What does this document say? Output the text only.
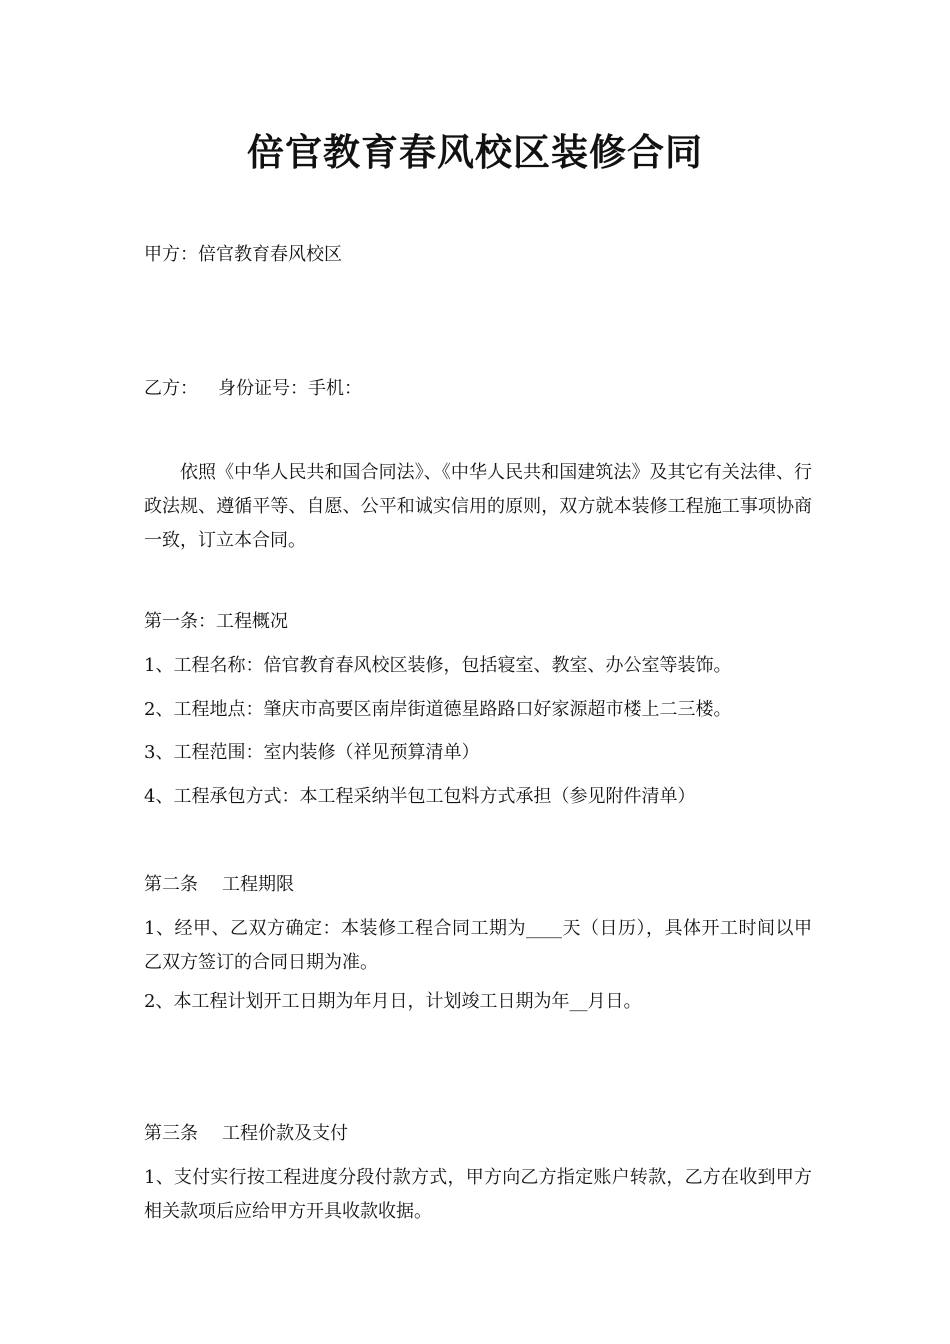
倍官教育春风校区装修合同
甲方：倍官教育春风校区
乙方： 身份证号：手机：
依照《中华人民共和国合同法》、《中华人民共和国建筑法》及其它有关法律、行政法规、遵循平等、自愿、公平和诚实信用的原则，双方就本装修工程施工事项协商一致，订立本合同。
第一条：工程概况
1、工程名称：倍官教育春风校区装修，包括寝室、教室、办公室等装饰。
2、工程地点：肇庆市高要区南岸街道德星路路口好家源超市楼上二三楼。
3、工程范围：室内装修（祥见预算清单）
4、工程承包方式：本工程采纳半包工包料方式承担（参见附件清单）
第二条 工程期限
1、经甲、乙双方确定：本装修工程合同工期为____天（日历），具体开工时间以甲乙双方签订的合同日期为准。
2、本工程计划开工日期为年月日，计划竣工日期为年__月日。
第三条 工程价款及支付
1、支付实行按工程进度分段付款方式，甲方向乙方指定账户转款，乙方在收到甲方相关款项后应给甲方开具收款收据。
